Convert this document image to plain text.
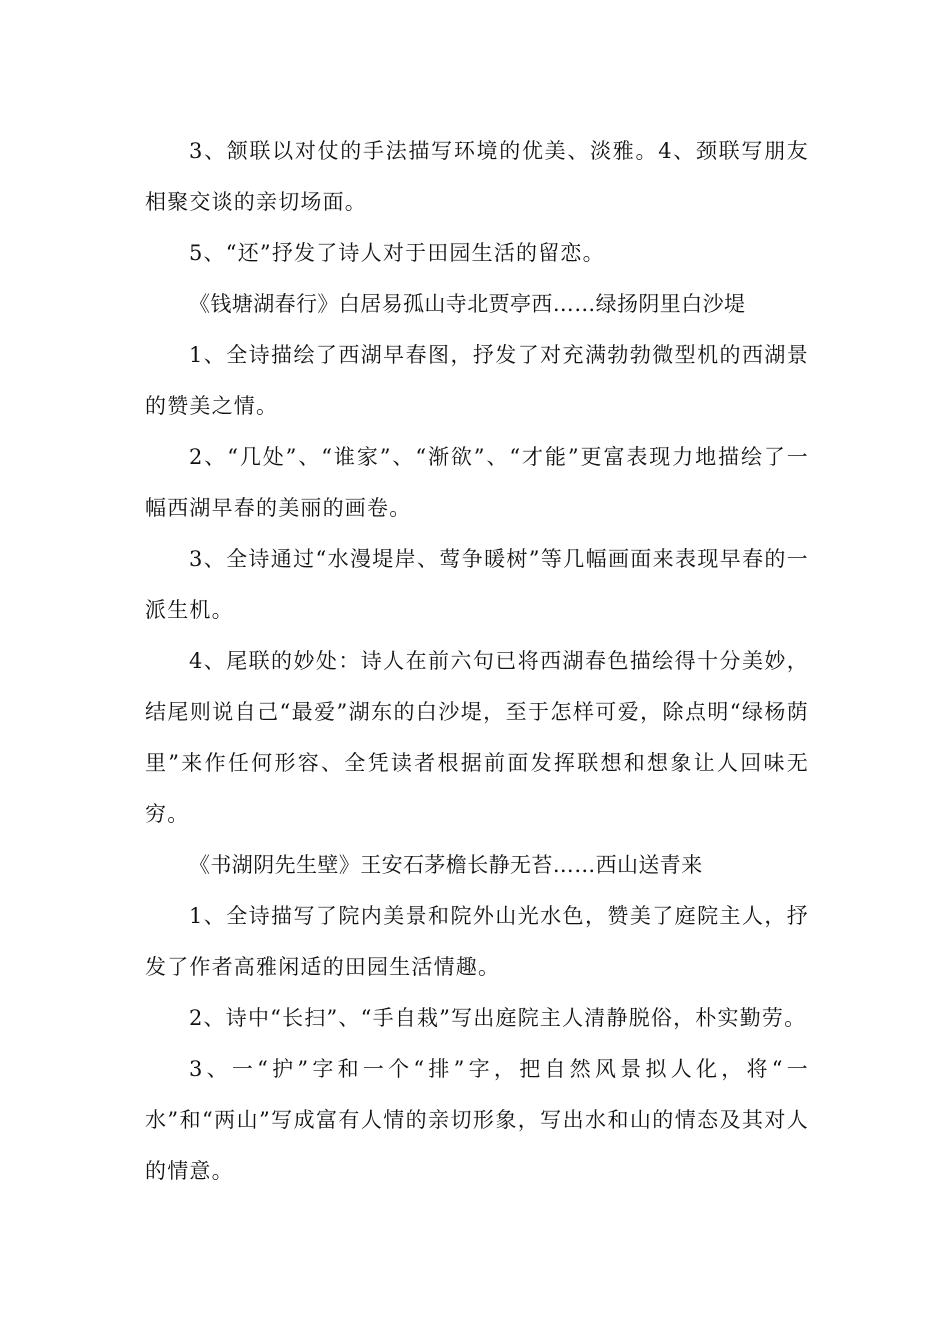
3、颔联以对仗的手法描写环境的优美、淡雅。4、颈联写朋友相聚交谈的亲切场面。

5、“还”抒发了诗人对于田园生活的留恋。

《钱塘湖春行》白居易孤山寺北贾亭西……绿扬阴里白沙堤

1、全诗描绘了西湖早春图，抒发了对充满勃勃微型机的西湖景的赞美之情。

2、“几处”、“谁家”、“渐欲”、“才能”更富表现力地描绘了一幅西湖早春的美丽的画卷。

3、全诗通过“水漫堤岸、莺争暖树”等几幅画面来表现早春的一派生机。

4、尾联的妙处：诗人在前六句已将西湖春色描绘得十分美妙，结尾则说自己“最爱”湖东的白沙堤，至于怎样可爱，除点明“绿杨荫里”来作任何形容、全凭读者根据前面发挥联想和想象让人回味无穷。

《书湖阴先生壁》王安石茅檐长静无苔……西山送青来

1、全诗描写了院内美景和院外山光水色，赞美了庭院主人，抒发了作者高雅闲适的田园生活情趣。

2、诗中“长扫”、“手自栽”写出庭院主人清静脱俗，朴实勤劳。

3、一“护”字和一个“排”字，把自然风景拟人化，将“一水”和“两山”写成富有人情的亲切形象，写出水和山的情态及其对人的情意。
